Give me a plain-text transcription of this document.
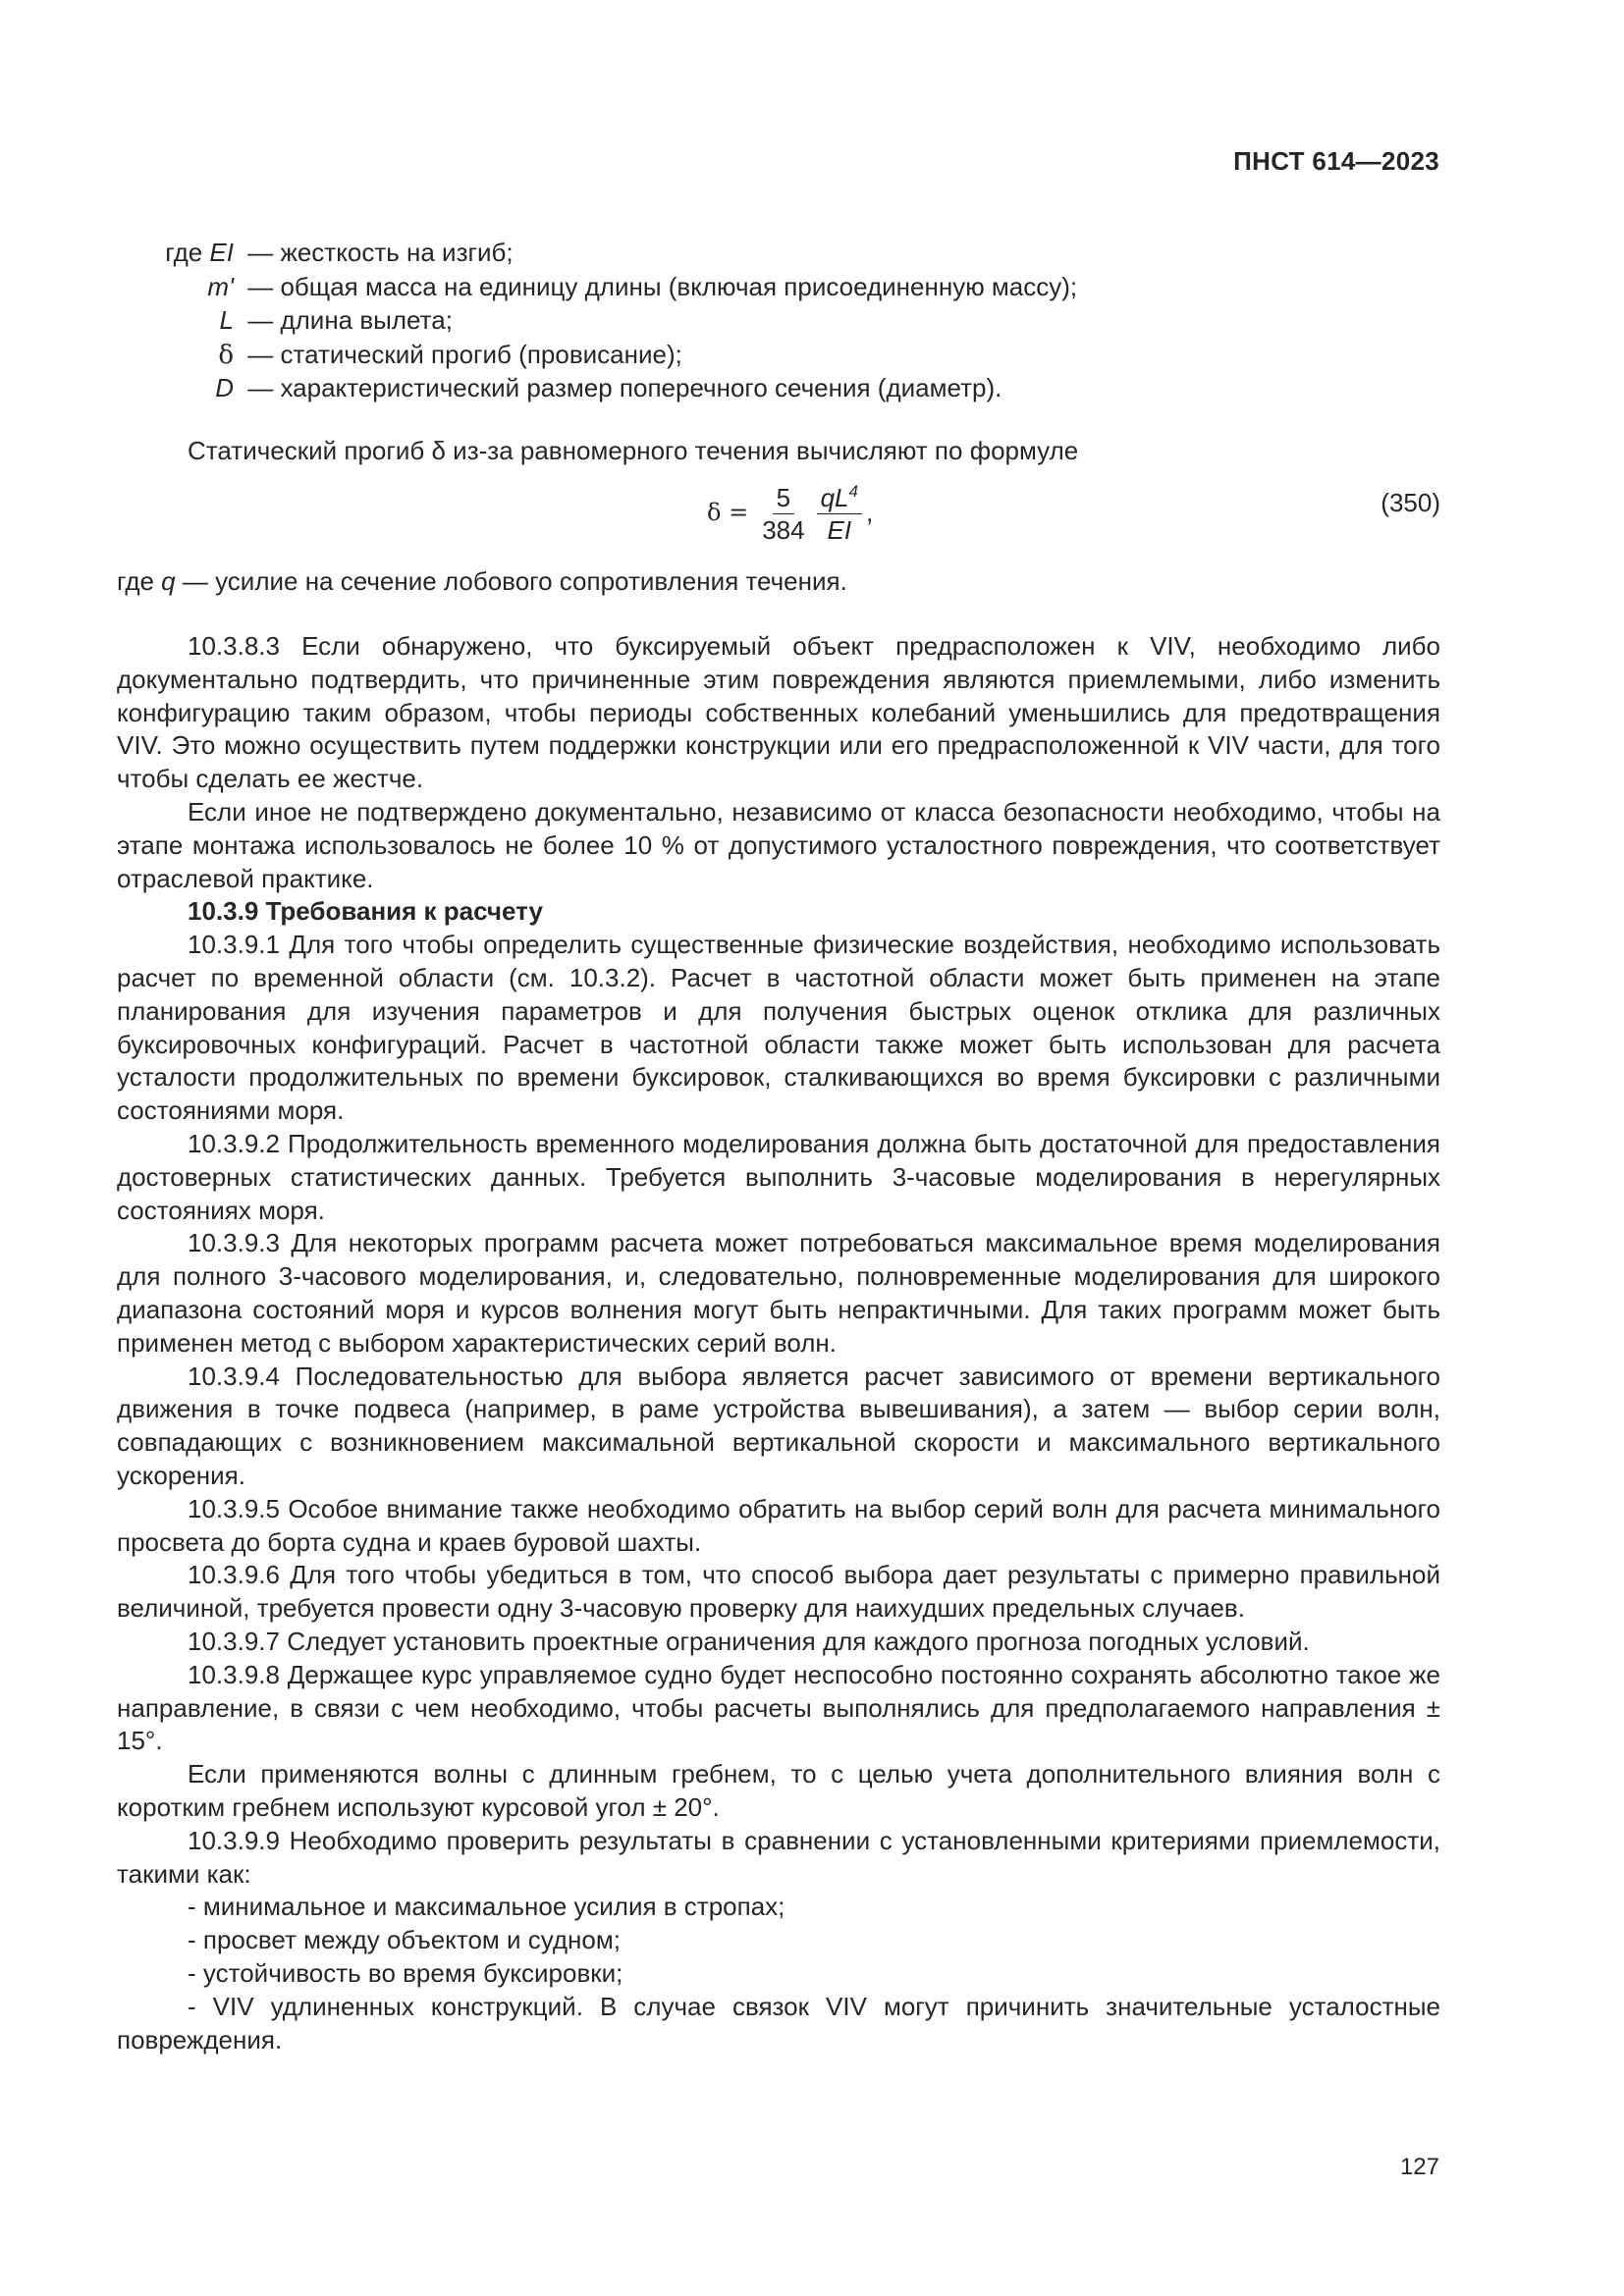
ПНСТ 614—2023
где EI — жесткость на изгиб;
m' — общая масса на единицу длины (включая присоединенную массу);
L — длина вылета;
δ — статический прогиб (провисание);
D — характеристический размер поперечного сечения (диаметр).

Статический прогиб δ из-за равномерного течения вычисляют по формуле

$\delta = \frac{5}{384} \frac{qL^4}{EI}$ ,	(350)

где q — усилие на сечение лобового сопротивления течения.

10.3.8.3 Если обнаружено, что буксируемый объект предрасположен к VIV, необходимо либо документально подтвердить, что причиненные этим повреждения являются приемлемыми, либо изменить конфигурацию таким образом, чтобы периоды собственных колебаний уменьшились для предотвращения VIV. Это можно осуществить путем поддержки конструкции или его предрасположенной к VIV части, для того чтобы сделать ее жестче.

Если иное не подтверждено документально, независимо от класса безопасности необходимо, чтобы на этапе монтажа использовалось не более 10 % от допустимого усталостного повреждения, что соответствует отраслевой практике.

10.3.9 Требования к расчету

10.3.9.1 Для того чтобы определить существенные физические воздействия, необходимо использовать расчет по временной области (см. 10.3.2). Расчет в частотной области может быть применен на этапе планирования для изучения параметров и для получения быстрых оценок отклика для различных буксировочных конфигураций. Расчет в частотной области также может быть использован для расчета усталости продолжительных по времени буксировок, сталкивающихся во время буксировки с различными состояниями моря.

10.3.9.2 Продолжительность временного моделирования должна быть достаточной для предоставления достоверных статистических данных. Требуется выполнить 3-часовые моделирования в нерегулярных состояниях моря.

10.3.9.3 Для некоторых программ расчета может потребоваться максимальное время моделирования для полного 3-часового моделирования, и, следовательно, полновременные моделирования для широкого диапазона состояний моря и курсов волнения могут быть непрактичными. Для таких программ может быть применен метод с выбором характеристических серий волн.

10.3.9.4 Последовательностью для выбора является расчет зависимого от времени вертикального движения в точке подвеса (например, в раме устройства вывешивания), а затем — выбор серии волн, совпадающих с возникновением максимальной вертикальной скорости и максимального вертикального ускорения.

10.3.9.5 Особое внимание также необходимо обратить на выбор серий волн для расчета минимального просвета до борта судна и краев буровой шахты.

10.3.9.6 Для того чтобы убедиться в том, что способ выбора дает результаты с примерно правильной величиной, требуется провести одну 3-часовую проверку для наихудших предельных случаев.

10.3.9.7 Следует установить проектные ограничения для каждого прогноза погодных условий.

10.3.9.8 Держащее курс управляемое судно будет неспособно постоянно сохранять абсолютно такое же направление, в связи с чем необходимо, чтобы расчеты выполнялись для предполагаемого направления ± 15°.

Если применяются волны с длинным гребнем, то с целью учета дополнительного влияния волн с коротким гребнем используют курсовой угол ± 20°.

10.3.9.9 Необходимо проверить результаты в сравнении с установленными критериями приемлемости, такими как:

- минимальное и максимальное усилия в стропах;
- просвет между объектом и судном;
- устойчивость во время буксировки;
- VIV удлиненных конструкций. В случае связок VIV могут причинить значительные усталостные повреждения.
127
